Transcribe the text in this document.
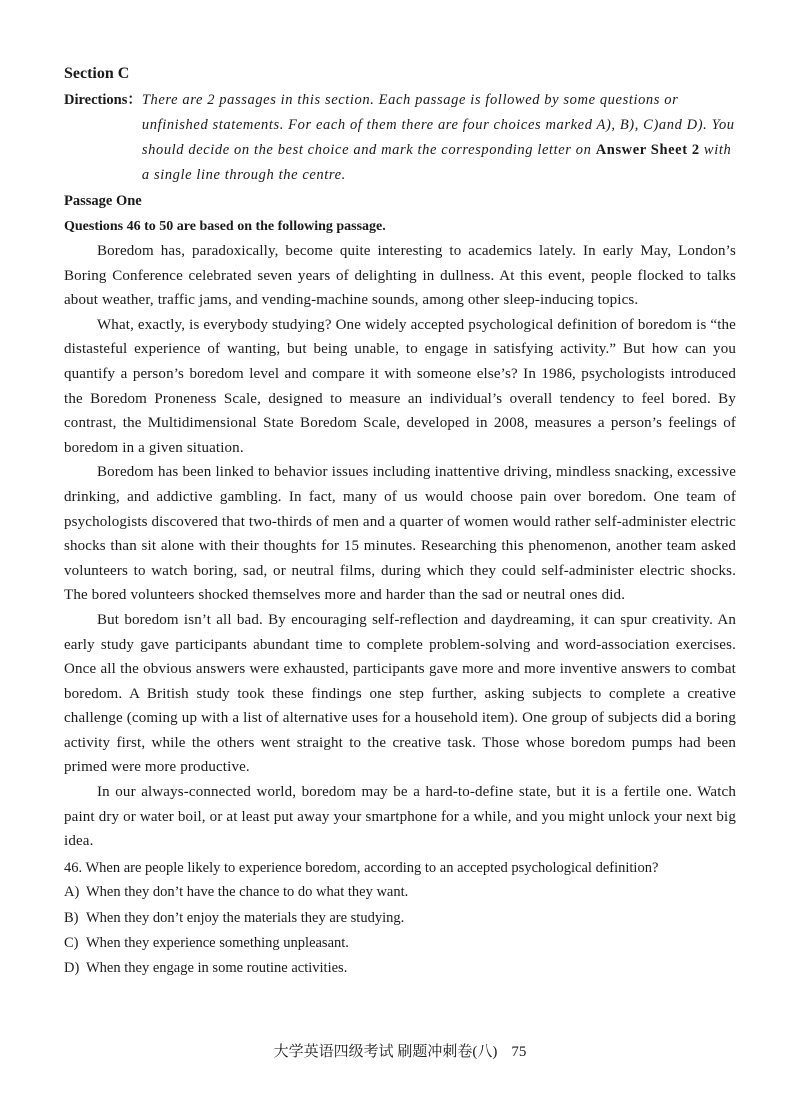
Section C
Directions： There are 2 passages in this section. Each passage is followed by some questions or unfinished statements. For each of them there are four choices marked A), B), C)and D). You should decide on the best choice and mark the corresponding letter on Answer Sheet 2 with a single line through the centre.
Passage One
Questions 46 to 50 are based on the following passage.

Boredom has, paradoxically, become quite interesting to academics lately. In early May, London’s Boring Conference celebrated seven years of delighting in dullness. At this event, people flocked to talks about weather, traffic jams, and vending-machine sounds, among other sleep-inducing topics.

What, exactly, is everybody studying? One widely accepted psychological definition of boredom is “the distasteful experience of wanting, but being unable, to engage in satisfying activity.” But how can you quantify a person’s boredom level and compare it with someone else’s? In 1986, psychologists introduced the Boredom Proneness Scale, designed to measure an individual’s overall tendency to feel bored. By contrast, the Multidimensional State Boredom Scale, developed in 2008, measures a person’s feelings of boredom in a given situation.

Boredom has been linked to behavior issues including inattentive driving, mindless snacking, excessive drinking, and addictive gambling. In fact, many of us would choose pain over boredom. One team of psychologists discovered that two-thirds of men and a quarter of women would rather self-administer electric shocks than sit alone with their thoughts for 15 minutes. Researching this phenomenon, another team asked volunteers to watch boring, sad, or neutral films, during which they could self-administer electric shocks. The bored volunteers shocked themselves more and harder than the sad or neutral ones did.

But boredom isn’t all bad. By encouraging self-reflection and daydreaming, it can spur creativity. An early study gave participants abundant time to complete problem-solving and word-association exercises. Once all the obvious answers were exhausted, participants gave more and more inventive answers to combat boredom. A British study took these findings one step further, asking subjects to complete a creative challenge (coming up with a list of alternative uses for a household item). One group of subjects did a boring activity first, while the others went straight to the creative task. Those whose boredom pumps had been primed were more productive.

In our always-connected world, boredom may be a hard-to-define state, but it is a fertile one. Watch paint dry or water boil, or at least put away your smartphone for a while, and you might unlock your next big idea.

46. When are people likely to experience boredom, according to an accepted psychological definition?
A) When they don’t have the chance to do what they want.
B) When they don’t enjoy the materials they are studying.
C) When they experience something unpleasant.
D) When they engage in some routine activities.
大学英语四级考试 刷题冲刺卷(八) 75
